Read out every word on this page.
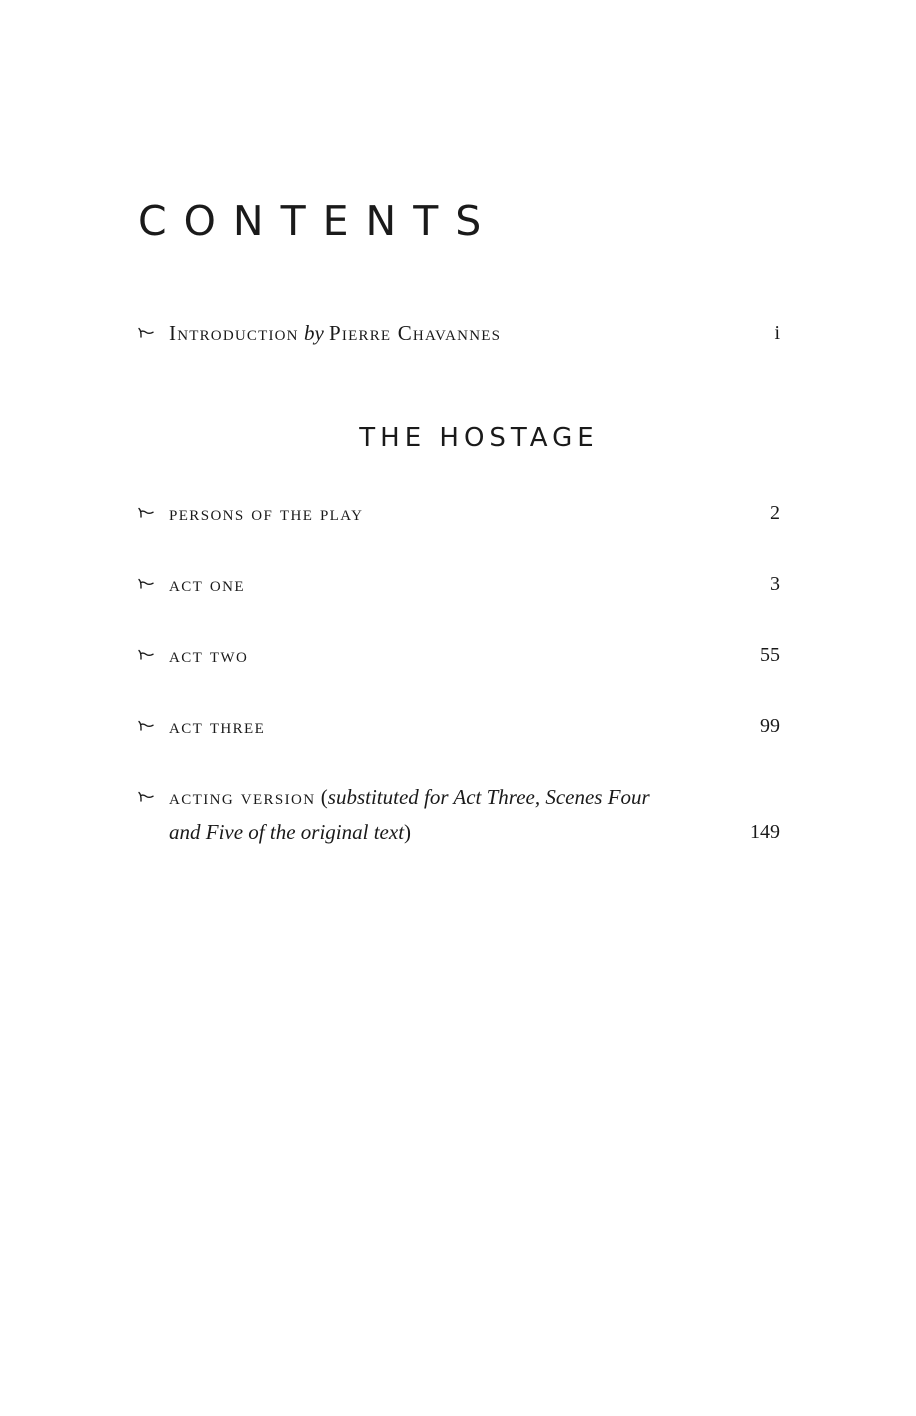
CONTENTS
Introduction by Pierre Chavannes	i
THE HOSTAGE
persons of the play	2
act one	3
act two	55
act three	99
acting version (substituted for Act Three, Scenes Four
and Five of the original text)	149
